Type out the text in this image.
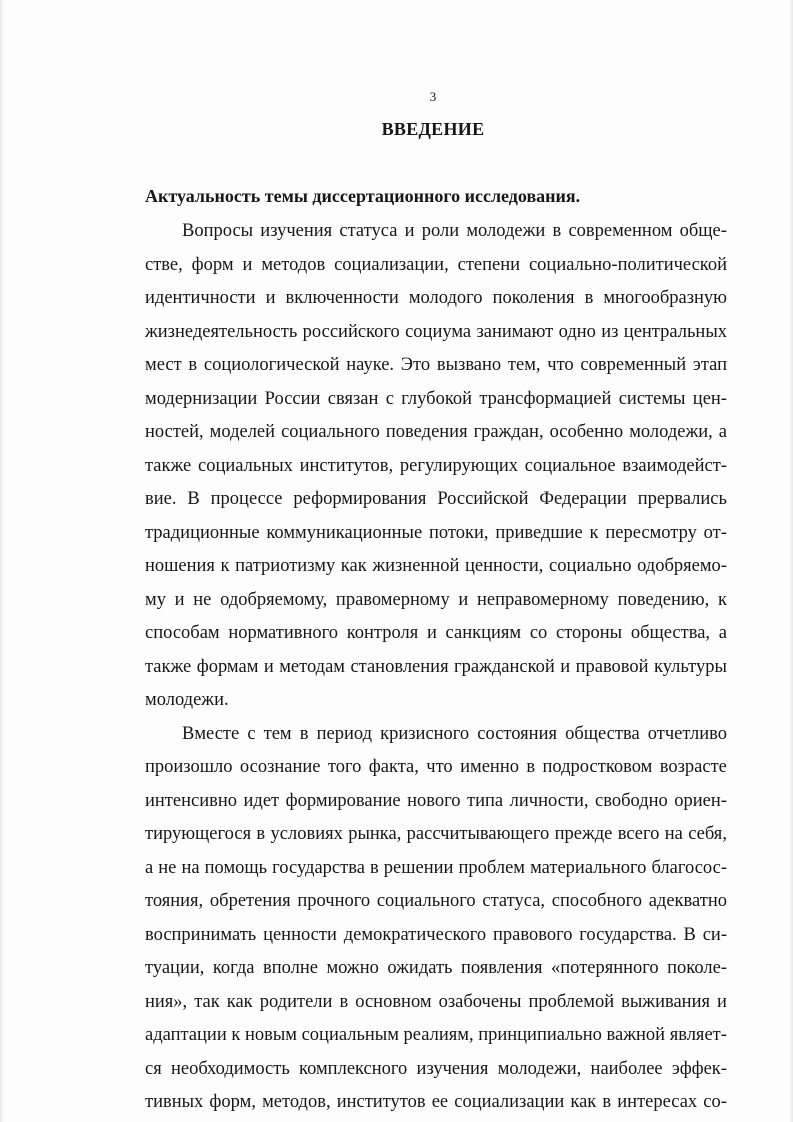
3
ВВЕДЕНИЕ
Актуальность темы диссертационного исследования.
Вопросы изучения статуса и роли молодежи в современном обще-
стве, форм и методов социализации, степени социально-политической
идентичности и включенности молодого поколения в многообразную
жизнедеятельность российского социума занимают одно из центральных
мест в социологической науке. Это вызвано тем, что современный этап
модернизации России связан с глубокой трансформацией системы цен-
ностей, моделей социального поведения граждан, особенно молодежи, а
также социальных институтов, регулирующих социальное взаимодейст-
вие. В процессе реформирования Российской Федерации прервались
традиционные коммуникационные потоки, приведшие к пересмотру от-
ношения к патриотизму как жизненной ценности, социально одобряемо-
му и не одобряемому, правомерному и неправомерному поведению, к
способам нормативного контроля и санкциям со стороны общества, а
также формам и методам становления гражданской и правовой культуры
молодежи.
Вместе с тем в период кризисного состояния общества отчетливо
произошло осознание того факта, что именно в подростковом возрасте
интенсивно идет формирование нового типа личности, свободно ориен-
тирующегося в условиях рынка, рассчитывающего прежде всего на себя,
а не на помощь государства в решении проблем материального благосос-
тояния, обретения прочного социального статуса, способного адекватно
воспринимать ценности демократического правового государства. В си-
туации, когда вполне можно ожидать появления «потерянного поколе-
ния», так как родители в основном озабочены проблемой выживания и
адаптации к новым социальным реалиям, принципиально важной являет-
ся необходимость комплексного изучения молодежи, наиболее эффек-
тивных форм, методов, институтов ее социализации как в интересах со-
